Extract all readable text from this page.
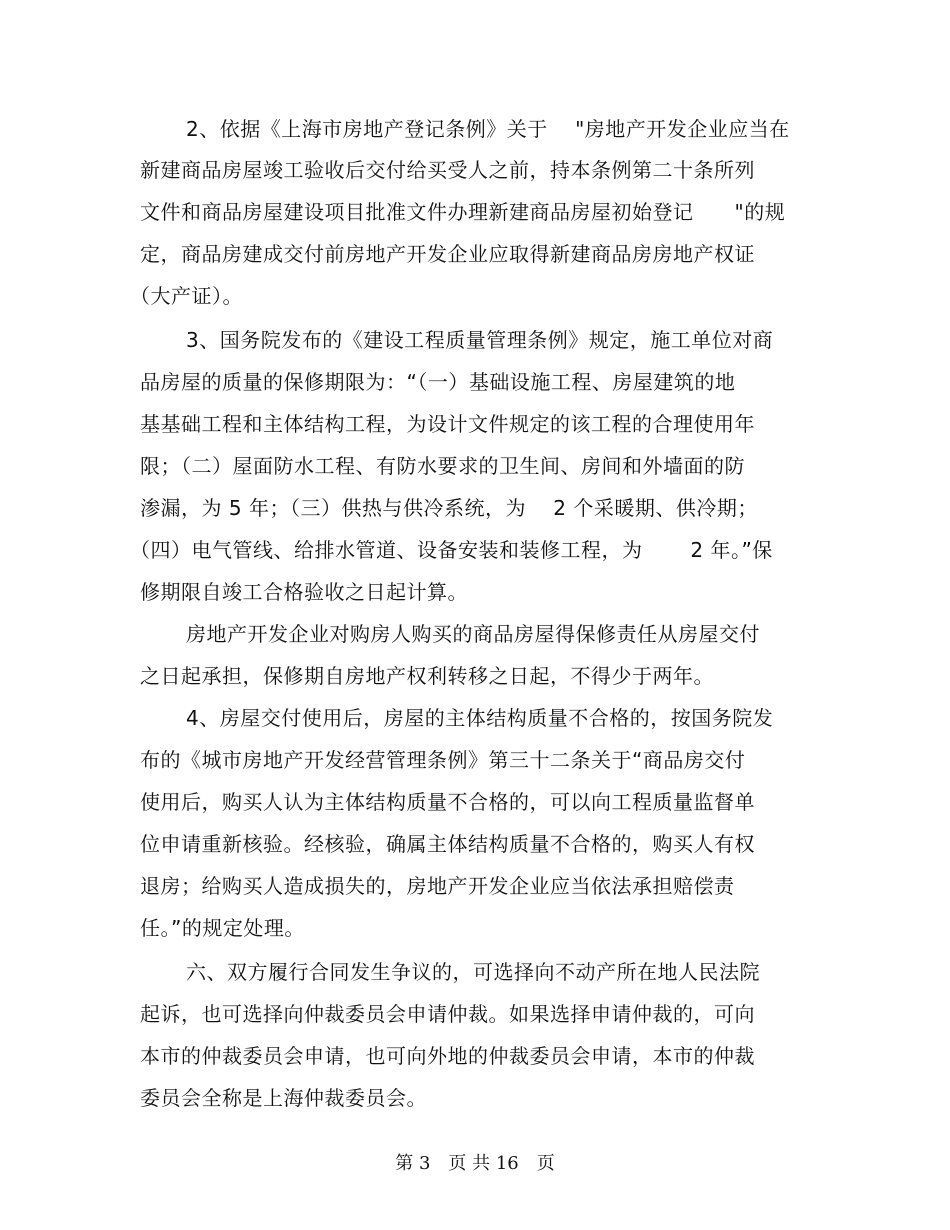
2、依据《上海市房地产登记条例》关于　 "房地产开发企业应当在
新建商品房屋竣工验收后交付给买受人之前，持本条例第二十条所列
文件和商品房屋建设项目批准文件办理新建商品房屋初始登记　　"的规
定，商品房建成交付前房地产开发企业应取得新建商品房房地产权证
（大产证）。
3、国务院发布的《建设工程质量管理条例》规定，施工单位对商
品房屋的质量的保修期限为：“（一）基础设施工程、房屋建筑的地
基基础工程和主体结构工程，为设计文件规定的该工程的合理使用年
限；（二）屋面防水工程、有防水要求的卫生间、房间和外墙面的防
渗漏，为 5 年；（三）供热与供冷系统，为　 2 个采暖期、供冷期；
（四）电气管线、给排水管道、设备安装和装修工程，为　　 2 年。”保
修期限自竣工合格验收之日起计算。
房地产开发企业对购房人购买的商品房屋得保修责任从房屋交付
之日起承担，保修期自房地产权利转移之日起，不得少于两年。
4、房屋交付使用后，房屋的主体结构质量不合格的，按国务院发
布的《城市房地产开发经营管理条例》第三十二条关于“商品房交付
使用后，购买人认为主体结构质量不合格的，可以向工程质量监督单
位申请重新核验。经核验，确属主体结构质量不合格的，购买人有权
退房；给购买人造成损失的，房地产开发企业应当依法承担赔偿责
任。”的规定处理。
六、双方履行合同发生争议的，可选择向不动产所在地人民法院
起诉，也可选择向仲裁委员会申请仲裁。如果选择申请仲裁的，可向
本市的仲裁委员会申请，也可向外地的仲裁委员会申请，本市的仲裁
委员会全称是上海仲裁委员会。
第 3　页 共 16　页
